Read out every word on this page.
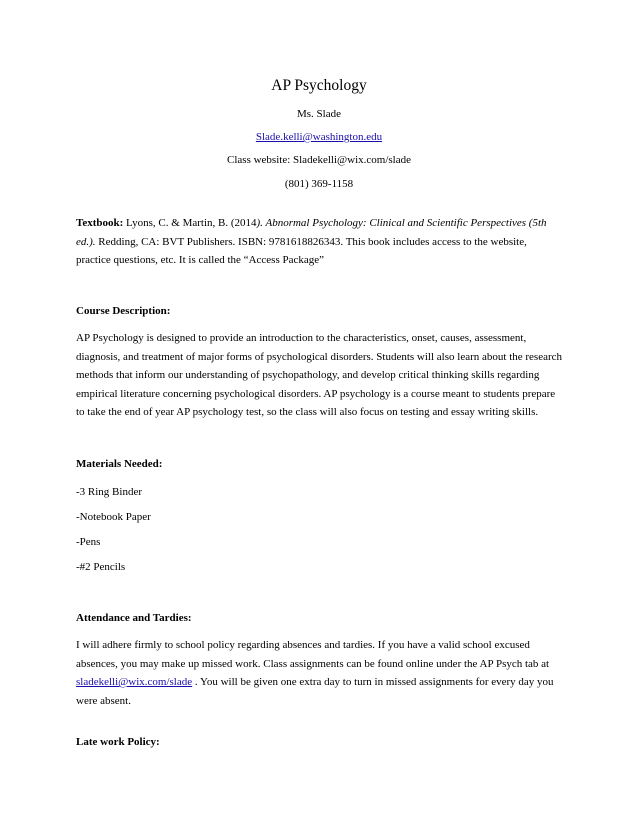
AP Psychology
Ms. Slade
Slade.kelli@washington.edu
Class website: Sladekelli@wix.com/slade
(801) 369-1158
Textbook: Lyons, C. & Martin, B. (2014). Abnormal Psychology: Clinical and Scientific Perspectives (5th ed.). Redding, CA: BVT Publishers. ISBN: 9781618826343. This book includes access to the website, practice questions, etc. It is called the “Access Package”
Course Description:
AP Psychology is designed to provide an introduction to the characteristics, onset, causes, assessment, diagnosis, and treatment of major forms of psychological disorders. Students will also learn about the research methods that inform our understanding of psychopathology, and develop critical thinking skills regarding empirical literature concerning psychological disorders. AP psychology is a course meant to students prepare to take the end of year AP psychology test, so the class will also focus on testing and essay writing skills.
Materials Needed:
-3 Ring Binder
-Notebook Paper
-Pens
-#2 Pencils
Attendance and Tardies:
I will adhere firmly to school policy regarding absences and tardies. If you have a valid school excused absences, you may make up missed work. Class assignments can be found online under the AP Psych tab at sladekelli@wix.com/slade . You will be given one extra day to turn in missed assignments for every day you were absent.
Late work Policy:
